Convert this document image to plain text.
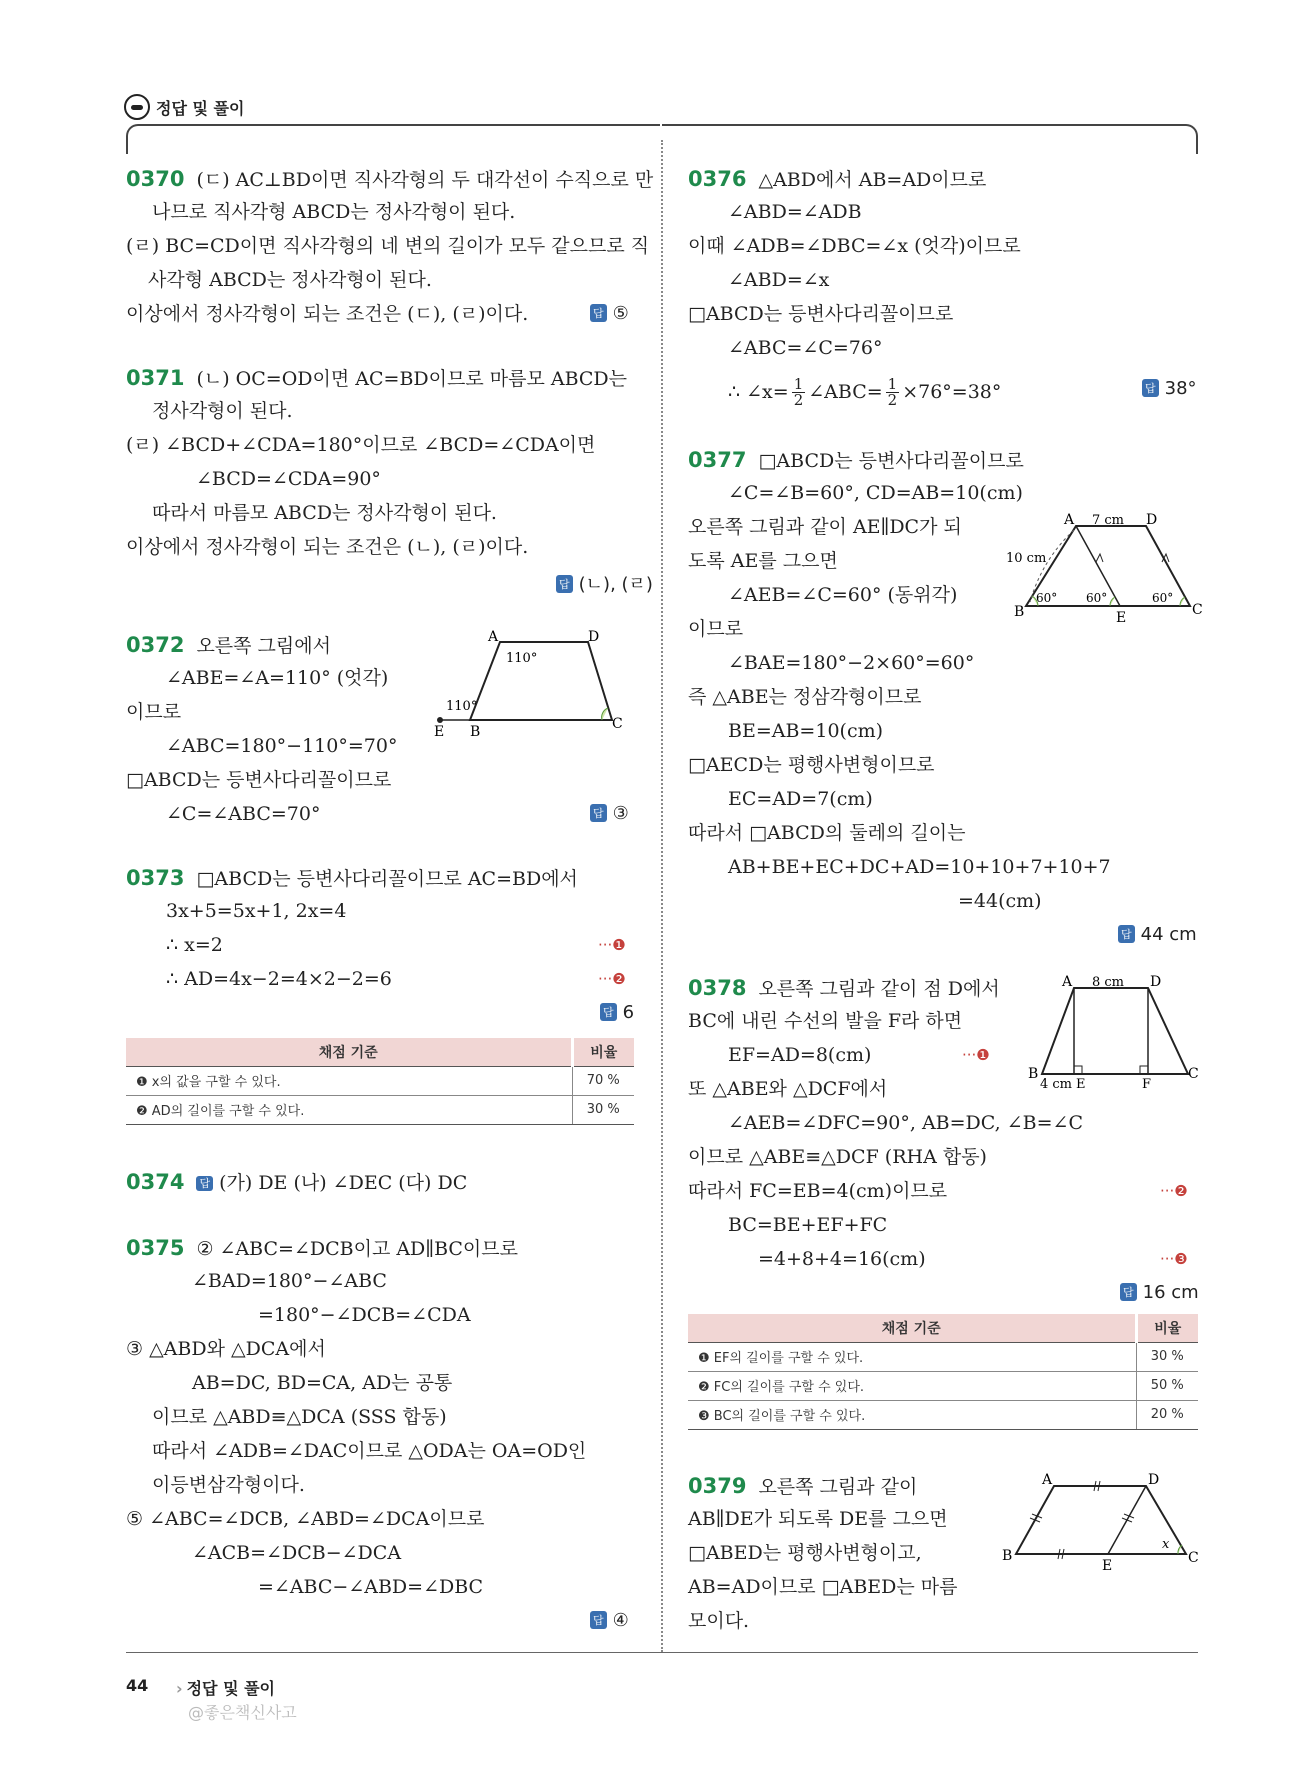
정답 및 풀이
0370 (ㄷ) AC⊥BD이면 직사각형의 두 대각선이 수직으로 만
나므로 직사각형 ABCD는 정사각형이 된다.
(ㄹ) BC=CD이면 직사각형의 네 변의 길이가 모두 같으므로 직
사각형 ABCD는 정사각형이 된다.
이상에서 정사각형이 되는 조건은 (ㄷ), (ㄹ)이다.	답 ⑤
0371 (ㄴ) OC=OD이면 AC=BD이므로 마름모 ABCD는
정사각형이 된다.
(ㄹ) ∠BCD+∠CDA=180°이므로 ∠BCD=∠CDA이면
∠BCD=∠CDA=90°
따라서 마름모 ABCD는 정사각형이 된다.
이상에서 정사각형이 되는 조건은 (ㄴ), (ㄹ)이다.
답 (ㄴ), (ㄹ)
0372 오른쪽 그림에서
∠ABE=∠A=110° (엇각)
이므로
∠ABC=180°−110°=70°
□ABCD는 등변사다리꼴이므로
∠C=∠ABC=70°	답 ③
A	D
B	C
E
110°
110°
0373 □ABCD는 등변사다리꼴이므로 AC=BD에서
3x+5=5x+1, 2x=4
∴ x=2	···❶
∴ AD=4x−2=4×2−2=6	···❷
답 6
채점 기준	비율
❶ x의 값을 구할 수 있다.	70 %
❷ AD의 길이를 구할 수 있다.	30 %
0374 답 (가) DE (나) ∠DEC (다) DC
0375 ② ∠ABC=∠DCB이고 AD∥BC이므로
∠BAD=180°−∠ABC
=180°−∠DCB=∠CDA
③ △ABD와 △DCA에서
AB=DC, BD=CA, AD는 공통
이므로 △ABD≡△DCA (SSS 합동)
따라서 ∠ADB=∠DAC이므로 △ODA는 OA=OD인
이등변삼각형이다.
⑤ ∠ABC=∠DCB, ∠ABD=∠DCA이므로
∠ACB=∠DCB−∠DCA
=∠ABC−∠ABD=∠DBC
답 ④
0376 △ABD에서 AB=AD이므로
∠ABD=∠ADB
이때 ∠ADB=∠DBC=∠x (엇각)이므로
∠ABD=∠x
□ABCD는 등변사다리꼴이므로
∠ABC=∠C=76°
∴ ∠x= $\frac{1}{2}$ ∠ABC= $\frac{1}{2} \times 76^\circ=38^\circ$	답 38°
0377 □ABCD는 등변사다리꼴이므로
∠C=∠B=60°, CD=AB=10(cm)
오른쪽 그림과 같이 AE∥DC가 되
도록 AE를 그으면
∠AEB=∠C=60° (동위각)
이므로
∠BAE=180°−2×60°=60°
즉 △ABE는 정삼각형이므로
BE=AB=10(cm)
□AECD는 평행사변형이므로
EC=AD=7(cm)
따라서 □ABCD의 둘레의 길이는
AB+BE+EC+DC+AD=10+10+7+10+7
=44(cm)
답 44 cm
A	D
B	C
E
7 cm
10 cm
60° 60°	60°
0378 오른쪽 그림과 같이 점 D에서
BC에 내린 수선의 발을 F라 하면
EF=AD=8(cm)	···❶
또 △ABE와 △DCF에서
∠AEB=∠DFC=90°, AB=DC, ∠B=∠C
이므로 △ABE≡△DCF (RHA 합동)
따라서 FC=EB=4(cm)이므로	···❷
BC=BE+EF+FC
=4+8+4=16(cm)	···❸
답 16 cm
A	D
B	C
E	F
8 cm
4 cm
채점 기준	비율
❶ EF의 길이를 구할 수 있다.	30 %
❷ FC의 길이를 구할 수 있다.	50 %
❸ BC의 길이를 구할 수 있다.	20 %
0379 오른쪽 그림과 같이
AB∥DE가 되도록 DE를 그으면
□ABED는 평행사변형이고,
AB=AD이므로 □ABED는 마름
모이다.
A	D
B	C
E
x
44 › 정답 및 풀이
@좋은책신사고
